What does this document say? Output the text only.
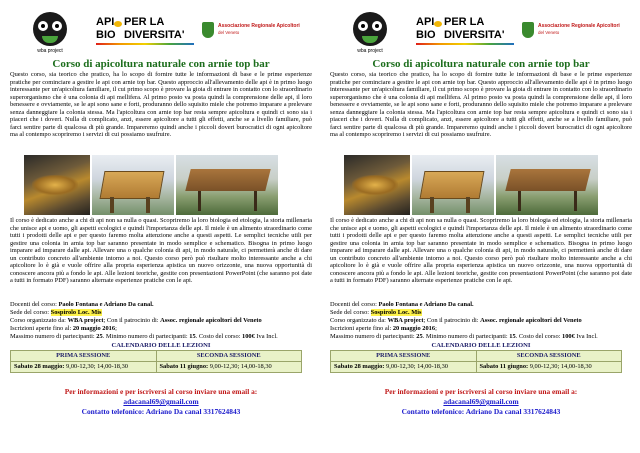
wba project
API
BIO
PER LA
DIVERSITA'
Associazione Regionale Apicoltori
del Veneto
Corso di apicoltura naturale con arnie top bar

Questo corso, sia teorico che pratico, ha lo scopo di fornire tutte le informazioni di base e le prime esperienze pratiche per cominciare a gestire le api con arnie top bar. Questo approccio all'allevamento delle api è in primo luogo interessante per un'apicoltura familiare, il cui primo scopo è provare la gioia di entrare in contatto con lo straordinario superorganismo che è una colonia di api mellifera. Al primo posto va posta quindi la comprensione delle api, il loro benessere e ovviamente, se le api sono sane e forti, produranno dello squisito miele che potremo imparare a prelevare senza danneggiare la colonia stessa. Ma l'apicoltura con arnie top bar resta sempre apicoltura e quindi ci sono sia i piaceri che i doveri. Nulla di complicato, anzi, essere apicoltore a tutti gli effetti, anche se a livello familiare, può farci sentire parte di qualcosa di più grande. Impareremo quindi anche i piccoli doveri burocratici di ogni apicoltore ma al contempo scopriremo i servizi di cui possiamo usufruire.

Il corso è dedicato anche a chi di api non sa nulla o quasi. Scopriremo la loro biologia ed etologia, la storia millenaria che unisce api e uomo, gli aspetti ecologici e quindi l'importanza delle api. Il miele è un alimento straordinario come tutti i prodotti delle api e per questo faremo molta attenzione anche a questi aspetti. Le semplici tecniche utili per gestire una colonia in arnia top bar saranno presentate in modo semplice e schematico. Bisogna in primo luogo imparare ad imparare dalle api. Allevare una o qualche colonia di api, in modo naturale, ci permetterà anche di dare un contributo concreto all'ambiente intorno a noi. Questo corso però può risultare molto interessante anche a chi apicoltore lo è già e vuole offrire alla propria esperienza apistica un nuovo orizzonte, una nuova opportunità di conoscere ancora più a fondo le api. Alle lezioni teoriche, gestite con presentazioni PowerPoint (che saranno poi date a tutti in formato PDF) saranno alternate esperienze pratiche con le api.

Docenti del corso: Paolo Fontana e Adriano Da canal.
Sede del corso: Sospirolo Loc. Mis
Corso organizzato da: WBA project; Con il patrocinio di: Assoc. regionale apicoltori del Veneto
Iscrizioni aperte fino al: 20 maggio 2016;
Massimo numero di partecipanti: 25. Minimo numero di partecipanti: 15. Costo del corso: 100€ Iva Incl.
CALENDARIO DELLE LEZIONI
PRIMA SESSIONE	SECONDA SESSIONE
Sabato 28 maggio: 9,00-12,30; 14,00-18,30	Sabato 11 giugno: 9,00-12,30; 14,00-18,30
Per informazioni e per iscriversi al corso inviare una email a:
adacanal69@gmail.com
Contatto telefonico: Adriano Da canal 3317624843
wba project
API
BIO
PER LA
DIVERSITA'
Associazione Regionale Apicoltori
del Veneto
Corso di apicoltura naturale con arnie top bar

Questo corso, sia teorico che pratico, ha lo scopo di fornire tutte le informazioni di base e le prime esperienze pratiche per cominciare a gestire le api con arnie top bar. Questo approccio all'allevamento delle api è in primo luogo interessante per un'apicoltura familiare, il cui primo scopo è provare la gioia di entrare in contatto con lo straordinario superorganismo che è una colonia di api mellifera. Al primo posto va posta quindi la comprensione delle api, il loro benessere e ovviamente, se le api sono sane e forti, produranno dello squisito miele che potremo imparare a prelevare senza danneggiare la colonia stessa. Ma l'apicoltura con arnie top bar resta sempre apicoltura e quindi ci sono sia i piaceri che i doveri. Nulla di complicato, anzi, essere apicoltore a tutti gli effetti, anche se a livello familiare, può farci sentire parte di qualcosa di più grande. Impareremo quindi anche i piccoli doveri burocratici di ogni apicoltore ma al contempo scopriremo i servizi di cui possiamo usufruire.

Il corso è dedicato anche a chi di api non sa nulla o quasi. Scopriremo la loro biologia ed etologia, la storia millenaria che unisce api e uomo, gli aspetti ecologici e quindi l'importanza delle api. Il miele è un alimento straordinario come tutti i prodotti delle api e per questo faremo molta attenzione anche a questi aspetti. Le semplici tecniche utili per gestire una colonia in arnia top bar saranno presentate in modo semplice e schematico. Bisogna in primo luogo imparare ad imparare dalle api. Allevare una o qualche colonia di api, in modo naturale, ci permetterà anche di dare un contributo concreto all'ambiente intorno a noi. Questo corso però può risultare molto interessante anche a chi apicoltore lo è già e vuole offrire alla propria esperienza apistica un nuovo orizzonte, una nuova opportunità di conoscere ancora più a fondo le api. Alle lezioni teoriche, gestite con presentazioni PowerPoint (che saranno poi date a tutti in formato PDF) saranno alternate esperienze pratiche con le api.

Docenti del corso: Paolo Fontana e Adriano Da canal.
Sede del corso: Sospirolo Loc. Mis
Corso organizzato da: WBA project; Con il patrocinio di: Assoc. regionale apicoltori del Veneto
Iscrizioni aperte fino al: 20 maggio 2016;
Massimo numero di partecipanti: 25. Minimo numero di partecipanti: 15. Costo del corso: 100€ Iva Incl.
CALENDARIO DELLE LEZIONI
PRIMA SESSIONE	SECONDA SESSIONE
Sabato 28 maggio: 9,00-12,30; 14,00-18,30	Sabato 11 giugno: 9,00-12,30; 14,00-18,30
Per informazioni e per iscriversi al corso inviare una email a:
adacanal69@gmail.com
Contatto telefonico: Adriano Da canal 3317624843
